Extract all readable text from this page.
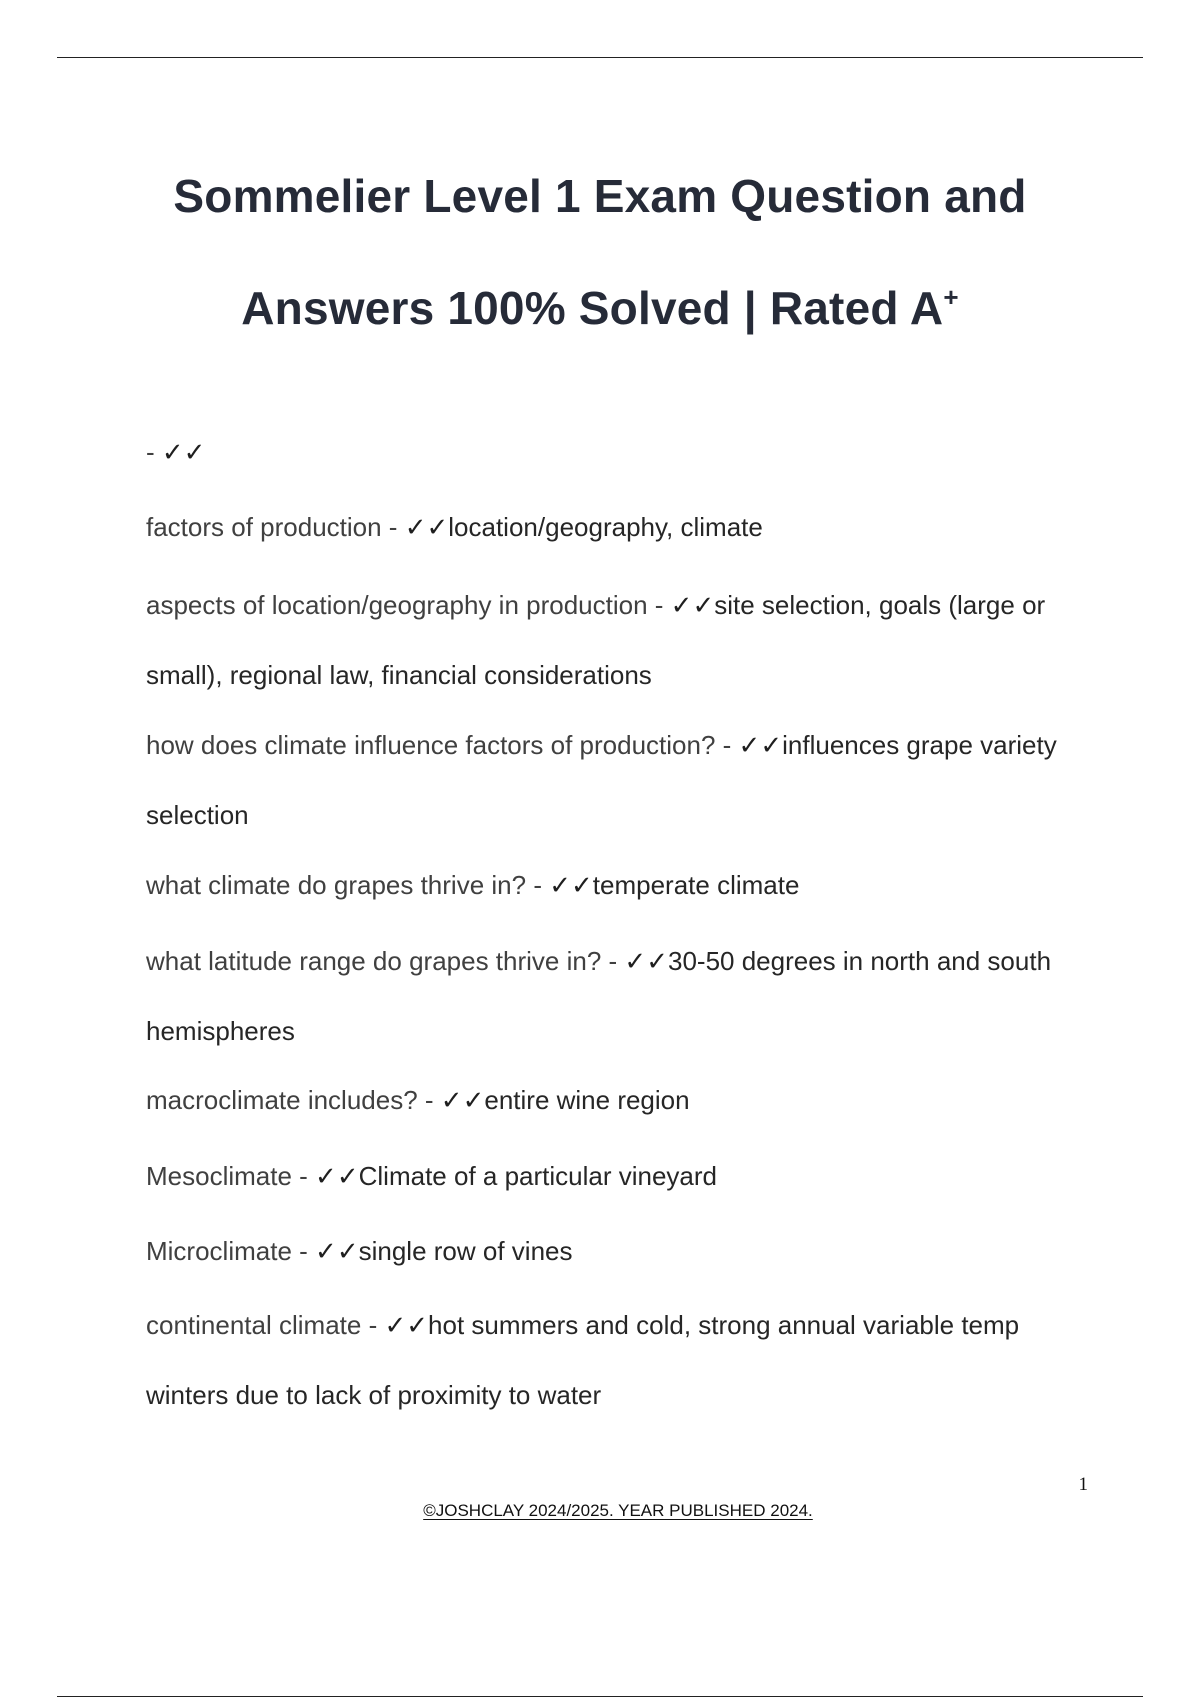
Sommelier Level 1 Exam Question and
Answers 100% Solved | Rated A+
- ✓✓
factors of production - ✓✓location/geography, climate
aspects of location/geography in production - ✓✓site selection, goals (large or small), regional law, financial considerations
how does climate influence factors of production? - ✓✓influences grape variety selection
what climate do grapes thrive in? - ✓✓temperate climate
what latitude range do grapes thrive in? - ✓✓30-50 degrees in north and south hemispheres
macroclimate includes? - ✓✓entire wine region
Mesoclimate - ✓✓Climate of a particular vineyard
Microclimate - ✓✓single row of vines
continental climate - ✓✓hot summers and cold, strong annual variable temp winters due to lack of proximity to water
1
©JOSHCLAY 2024/2025. YEAR PUBLISHED 2024.
